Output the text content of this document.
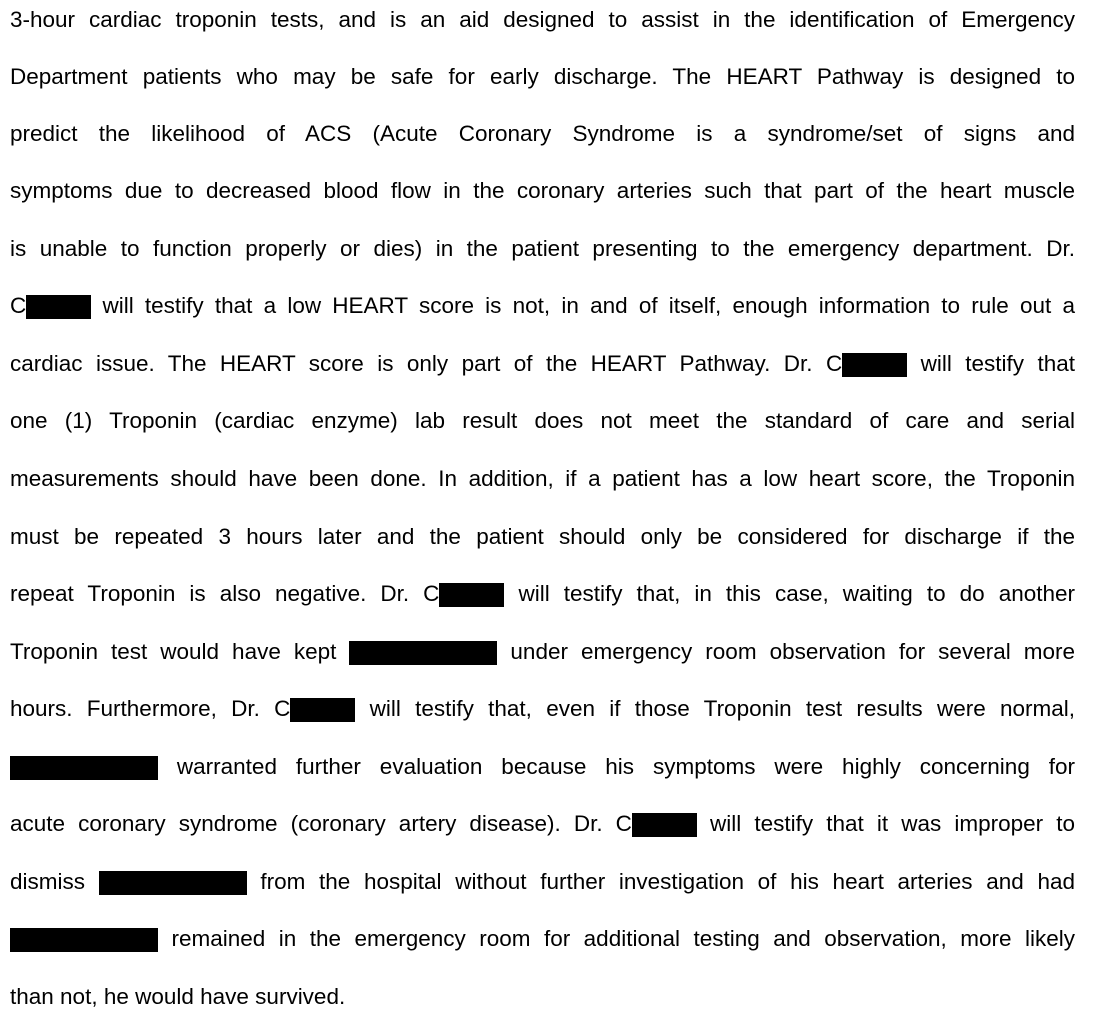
3-hour cardiac troponin tests, and is an aid designed to assist in the identification of Emergency
Department patients who may be safe for early discharge. The HEART Pathway is designed to
predict the likelihood of ACS (Acute Coronary Syndrome is a syndrome/set of signs and
symptoms due to decreased blood flow in the coronary arteries such that part of the heart muscle
is unable to function properly or dies) in the patient presenting to the emergency department. Dr.
C	will testify that a low HEART score is not, in and of itself, enough information to rule out a
cardiac issue. The HEART score is only part of the HEART Pathway. Dr. C	will testify that
one (1) Troponin (cardiac enzyme) lab result does not meet the standard of care and serial
measurements should have been done. In addition, if a patient has a low heart score, the Troponin
must be repeated 3 hours later and the patient should only be considered for discharge if the
repeat Troponin is also negative. Dr. C	will testify that, in this case, waiting to do another
Troponin test would have kept	under emergency room observation for several more
hours. Furthermore, Dr. C	will testify that, even if those Troponin test results were normal,
warranted further evaluation because his symptoms were highly concerning for
acute coronary syndrome (coronary artery disease). Dr. C	will testify that it was improper to
dismiss	from the hospital without further investigation of his heart arteries and had
remained in the emergency room for additional testing and observation, more likely
than not, he would have survived.
